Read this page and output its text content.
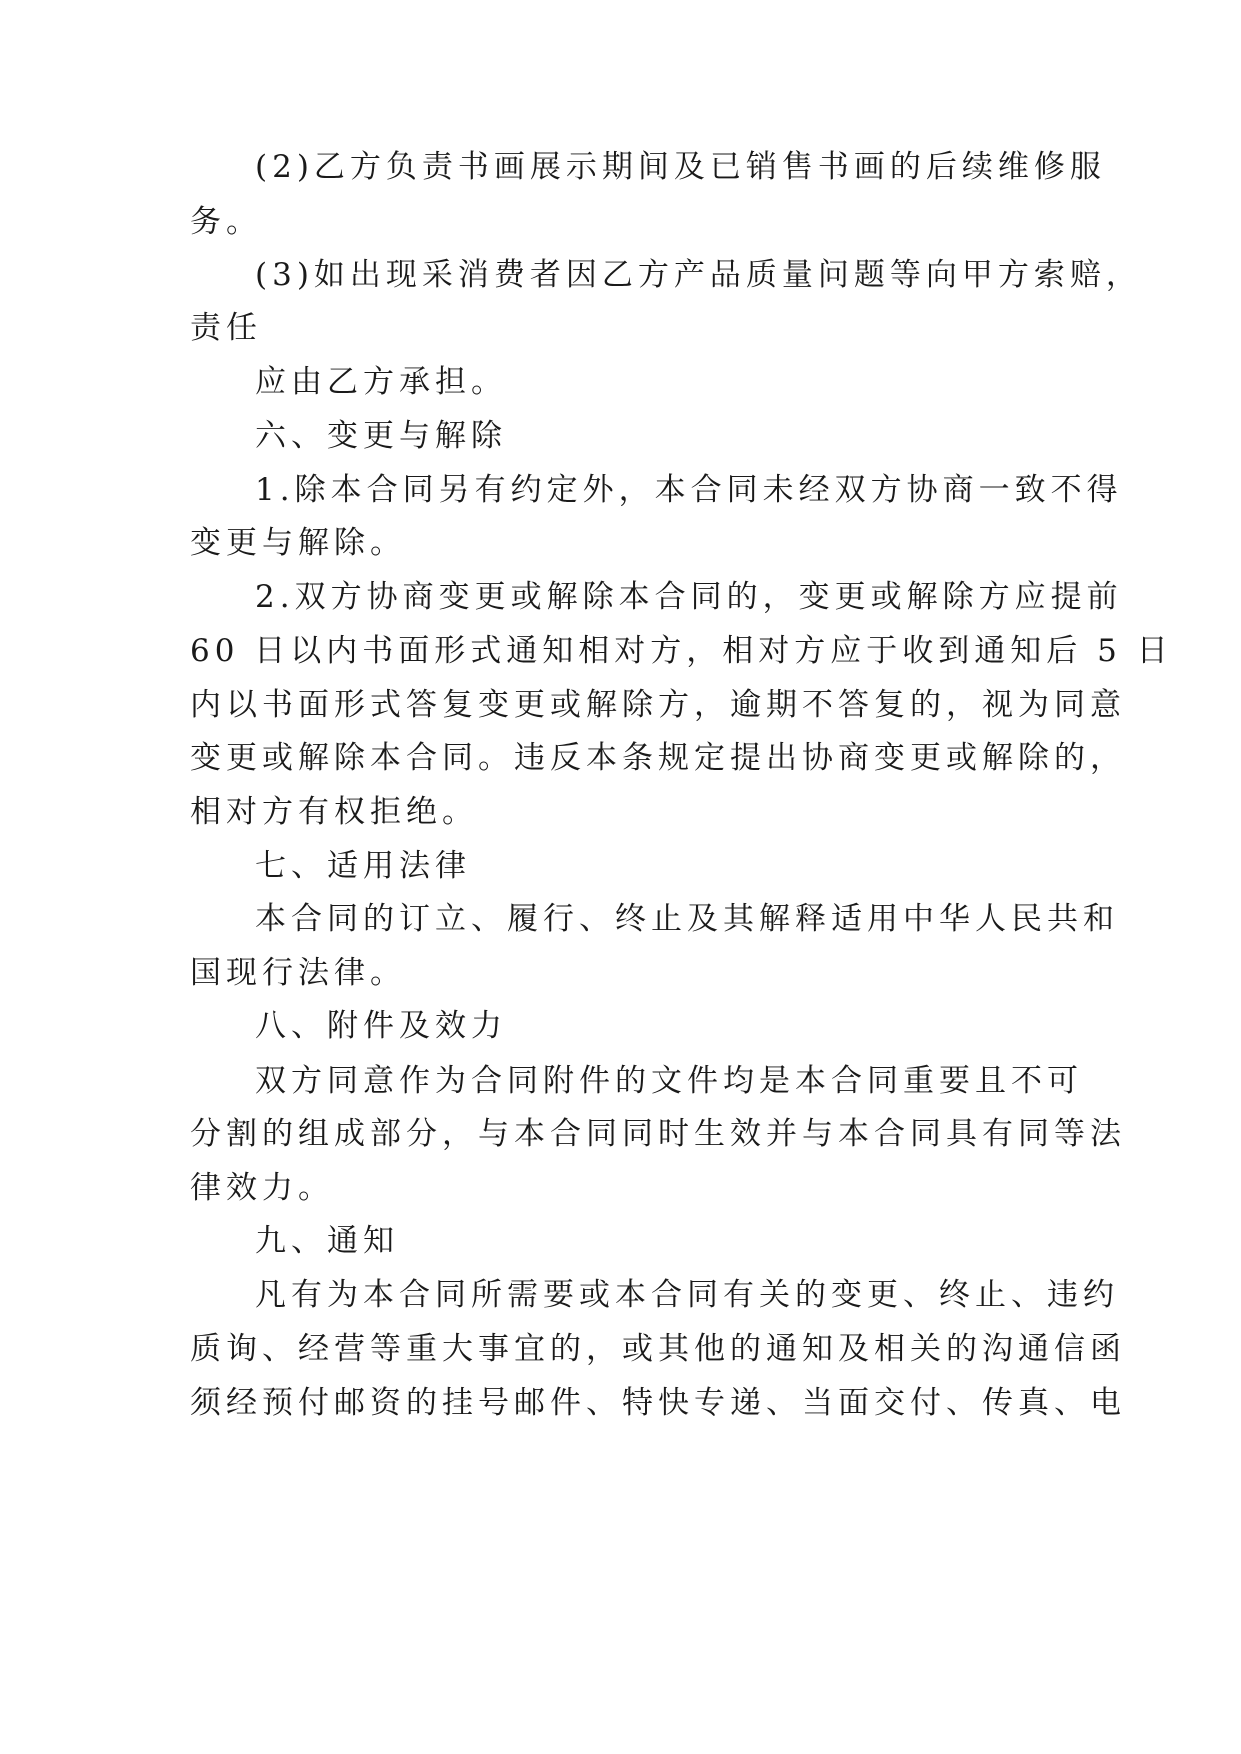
(2)乙方负责书画展示期间及已销售书画的后续维修服
务。
(3)如出现采消费者因乙方产品质量问题等向甲方索赔，
责任
应由乙方承担。
六、变更与解除
1.除本合同另有约定外，本合同未经双方协商一致不得
变更与解除。
2.双方协商变更或解除本合同的，变更或解除方应提前
60 日以内书面形式通知相对方，相对方应于收到通知后 5 日
内以书面形式答复变更或解除方，逾期不答复的，视为同意
变更或解除本合同。违反本条规定提出协商变更或解除的，
相对方有权拒绝。
七、适用法律
本合同的订立、履行、终止及其解释适用中华人民共和
国现行法律。
八、附件及效力
双方同意作为合同附件的文件均是本合同重要且不可
分割的组成部分，与本合同同时生效并与本合同具有同等法
律效力。
九、通知
凡有为本合同所需要或本合同有关的变更、终止、违约
质询、经营等重大事宜的，或其他的通知及相关的沟通信函
须经预付邮资的挂号邮件、特快专递、当面交付、传真、电
